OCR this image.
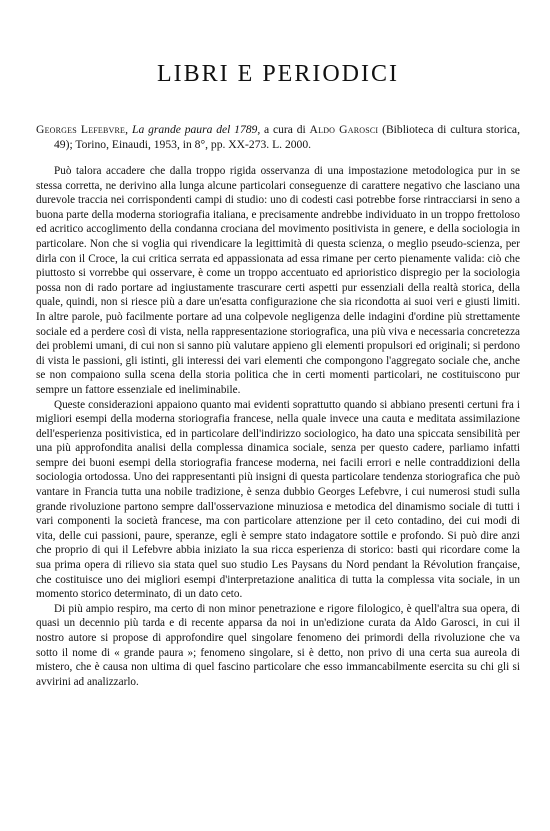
LIBRI E PERIODICI

Georges Lefebvre, La grande paura del 1789, a cura di Aldo Garosci (Biblioteca di cultura storica, 49); Torino, Einaudi, 1953, in 8°, pp. XX-273. L. 2000.

Può talora accadere che dalla troppo rigida osservanza di una impostazione metodologica pur in se stessa corretta, ne derivino alla lunga alcune particolari conseguenze di carattere negativo che lasciano una durevole traccia nei corrispondenti campi di studio: uno di codesti casi potrebbe forse rintracciarsi in seno a buona parte della moderna storiografia italiana, e precisamente andrebbe individuato in un troppo frettoloso ed acritico accoglimento della condanna crociana del movimento positivista in genere, e della sociologia in particolare. Non che si voglia qui rivendicare la legittimità di questa scienza, o meglio pseudo-scienza, per dirla con il Croce, la cui critica serrata ed appassionata ad essa rimane per certo pienamente valida: ciò che piuttosto si vorrebbe qui osservare, è come un troppo accentuato ed aprioristico dispregio per la sociologia possa non di rado portare ad ingiustamente trascurare certi aspetti pur essenziali della realtà storica, della quale, quindi, non si riesce più a dare un'esatta configurazione che sia ricondotta ai suoi veri e giusti limiti. In altre parole, può facilmente portare ad una colpevole negligenza delle indagini d'ordine più strettamente sociale ed a perdere così di vista, nella rappresentazione storiografica, una più viva e necessaria concretezza dei problemi umani, di cui non si sanno più valutare appieno gli elementi propulsori ed originali; si perdono di vista le passioni, gli istinti, gli interessi dei vari elementi che compongono l'aggregato sociale che, anche se non compaiono sulla scena della storia politica che in certi momenti particolari, ne costituiscono pur sempre un fattore essenziale ed ineliminabile.

Queste considerazioni appaiono quanto mai evidenti soprattutto quando si abbiano presenti certuni fra i migliori esempi della moderna storiografia francese, nella quale invece una cauta e meditata assimilazione dell'esperienza positivistica, ed in particolare dell'indirizzo sociologico, ha dato una spiccata sensibilità per una più approfondita analisi della complessa dinamica sociale, senza per questo cadere, parliamo infatti sempre dei buoni esempi della storiografia francese moderna, nei facili errori e nelle contraddizioni della sociologia ortodossa. Uno dei rappresentanti più insigni di questa particolare tendenza storiografica che può vantare in Francia tutta una nobile tradizione, è senza dubbio Georges Lefebvre, i cui numerosi studi sulla grande rivoluzione partono sempre dall'osservazione minuziosa e metodica del dinamismo sociale di tutti i vari componenti la società francese, ma con particolare attenzione per il ceto contadino, dei cui modi di vita, delle cui passioni, paure, speranze, egli è sempre stato indagatore sottile e profondo. Si può dire anzi che proprio di qui il Lefebvre abbia iniziato la sua ricca esperienza di storico: basti qui ricordare come la sua prima opera di rilievo sia stata quel suo studio Les Paysans du Nord pendant la Révolution française, che costituisce uno dei migliori esempi d'interpretazione analitica di tutta la complessa vita sociale, in un momento storico determinato, di un dato ceto.

Di più ampio respiro, ma certo di non minor penetrazione e rigore filologico, è quell'altra sua opera, di quasi un decennio più tarda e di recente apparsa da noi in un'edizione curata da Aldo Garosci, in cui il nostro autore si propose di approfondire quel singolare fenomeno dei primordi della rivoluzione che va sotto il nome di « grande paura »; fenomeno singolare, si è detto, non privo di una certa sua aureola di mistero, che è causa non ultima di quel fascino particolare che esso immancabilmente esercita su chi gli si avvirini ad analizzarlo.
